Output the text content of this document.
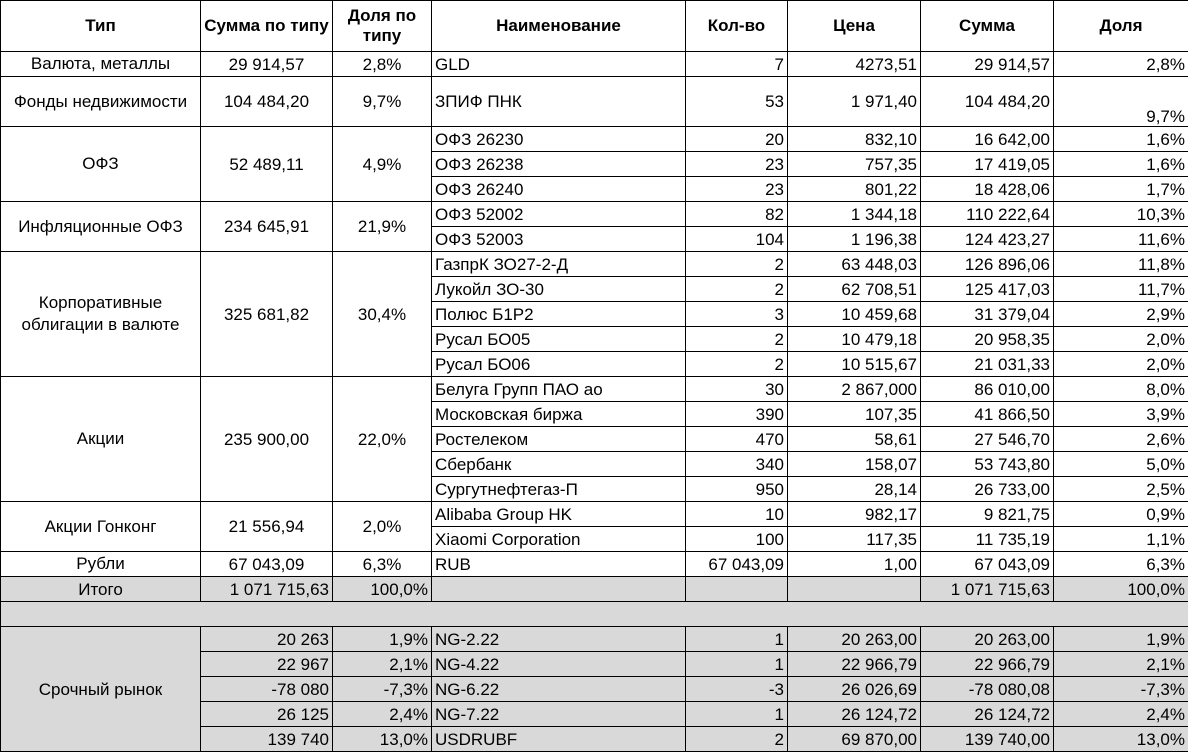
Тип	Сумма по типу	Доля по типу	Наименование	Кол-во	Цена	Сумма	Доля
Валюта, металлы	29 914,57	2,8%	GLD	7	4273,51	29 914,57	2,8%
Фонды недвижимости	104 484,20	9,7%	ЗПИФ ПНК	53	1 971,40	104 484,20	9,7%
ОФЗ	52 489,11	4,9%	ОФЗ 26230	20	832,10	16 642,00	1,6%
			ОФЗ 26238	23	757,35	17 419,05	1,6%
			ОФЗ 26240	23	801,22	18 428,06	1,7%
Инфляционные ОФЗ	234 645,91	21,9%	ОФЗ 52002	82	1 344,18	110 222,64	10,3%
			ОФЗ 52003	104	1 196,38	124 423,27	11,6%
Корпоративные облигации в валюте	325 681,82	30,4%	ГазпрК ЗО27-2-Д	2	63 448,03	126 896,06	11,8%
			Лукойл ЗО-30	2	62 708,51	125 417,03	11,7%
			Полюс Б1Р2	3	10 459,68	31 379,04	2,9%
			Русал БО05	2	10 479,18	20 958,35	2,0%
			Русал БО06	2	10 515,67	21 031,33	2,0%
Акции	235 900,00	22,0%	Белуга Групп ПАО ао	30	2 867,000	86 010,00	8,0%
			Московская биржа	390	107,35	41 866,50	3,9%
			Ростелеком	470	58,61	27 546,70	2,6%
			Сбербанк	340	158,07	53 743,80	5,0%
			Сургутнефтегаз-П	950	28,14	26 733,00	2,5%
Акции Гонконг	21 556,94	2,0%	Alibaba Group HK	10	982,17	9 821,75	0,9%
			Xiaomi Corporation	100	117,35	11 735,19	1,1%
Рубли	67 043,09	6,3%	RUB	67 043,09	1,00	67 043,09	6,3%
Итого	1 071 715,63	100,0%				1 071 715,63	100,0%

Срочный рынок	20 263	1,9%	NG-2.22	1	20 263,00	20 263,00	1,9%
	22 967	2,1%	NG-4.22	1	22 966,79	22 966,79	2,1%
	-78 080	-7,3%	NG-6.22	-3	26 026,69	-78 080,08	-7,3%
	26 125	2,4%	NG-7.22	1	26 124,72	26 124,72	2,4%
	139 740	13,0%	USDRUBF	2	69 870,00	139 740,00	13,0%
